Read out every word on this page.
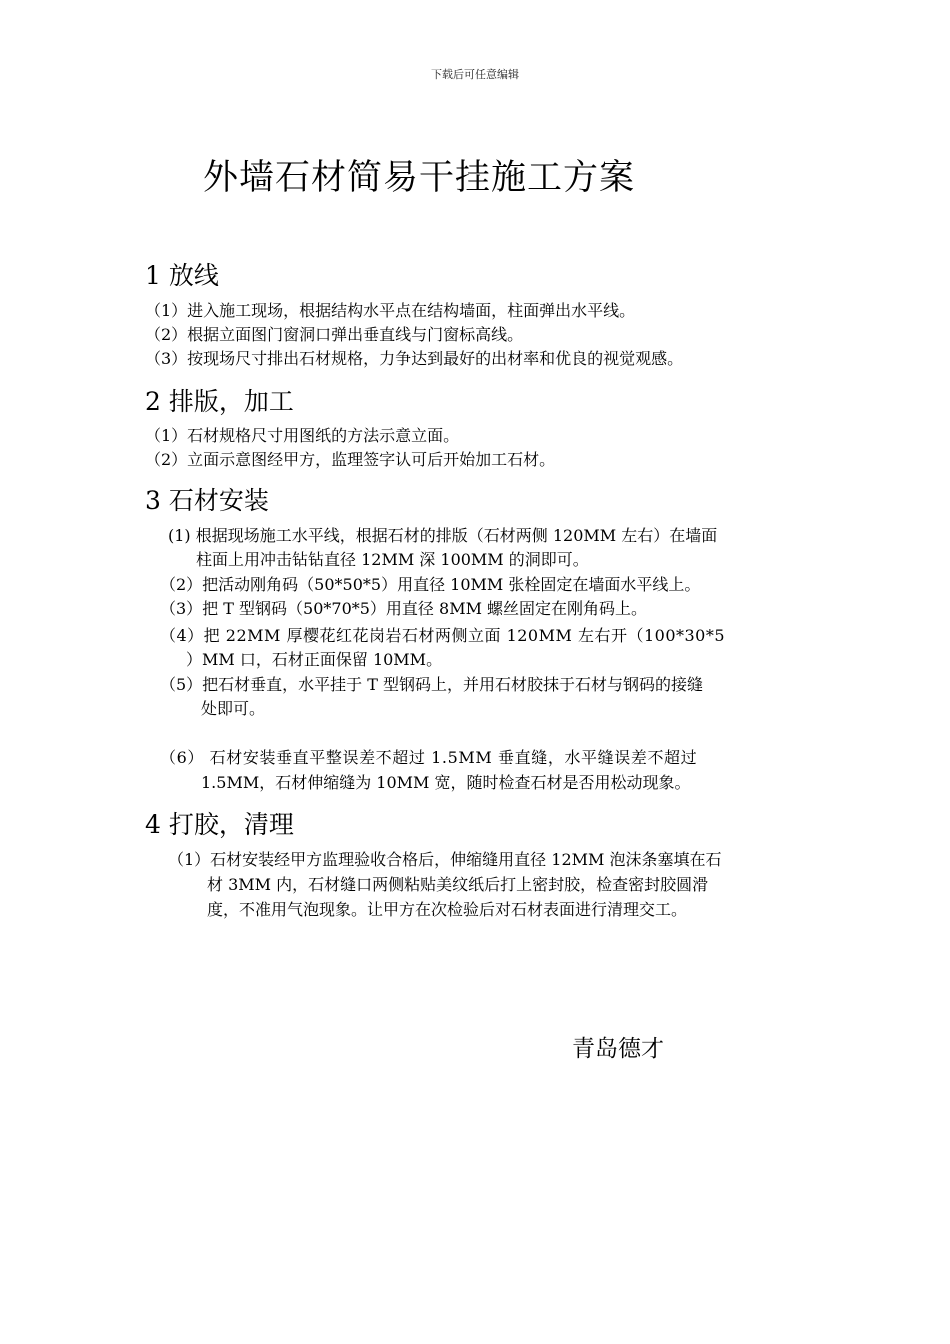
下载后可任意编辑
外墙石材简易干挂施工方案
1 放线
（1）进入施工现场，根据结构水平点在结构墙面，柱面弹出水平线。
（2）根据立面图门窗洞口弹出垂直线与门窗标高线。
（3）按现场尺寸排出石材规格，力争达到最好的出材率和优良的视觉观感。
2 排版，加工
（1）石材规格尺寸用图纸的方法示意立面。
（2）立面示意图经甲方，监理签字认可后开始加工石材。
3 石材安装
(1) 根据现场施工水平线，根据石材的排版（石材两侧 120MM 左右）在墙面
柱面上用冲击钻钻直径 12MM 深 100MM 的洞即可。
（2）把活动刚角码（50*50*5）用直径 10MM 张栓固定在墙面水平线上。
（3）把 T 型钢码（50*70*5）用直径 8MM 螺丝固定在刚角码上。
（4）把 22MM 厚樱花红花岗岩石材两侧立面 120MM 左右开（100*30*5
）MM 口，石材正面保留 10MM。
（5）把石材垂直，水平挂于 T 型钢码上，并用石材胶抹于石材与钢码的接缝
处即可。
（6） 石材安装垂直平整误差不超过 1.5MM 垂直缝，水平缝误差不超过
1.5MM，石材伸缩缝为 10MM 宽，随时检查石材是否用松动现象。
4 打胶，清理
（1）石材安装经甲方监理验收合格后，伸缩缝用直径 12MM 泡沫条塞填在石
材 3MM 内，石材缝口两侧粘贴美纹纸后打上密封胶，检查密封胶圆滑
度，不准用气泡现象。让甲方在次检验后对石材表面进行清理交工。
青岛德才
